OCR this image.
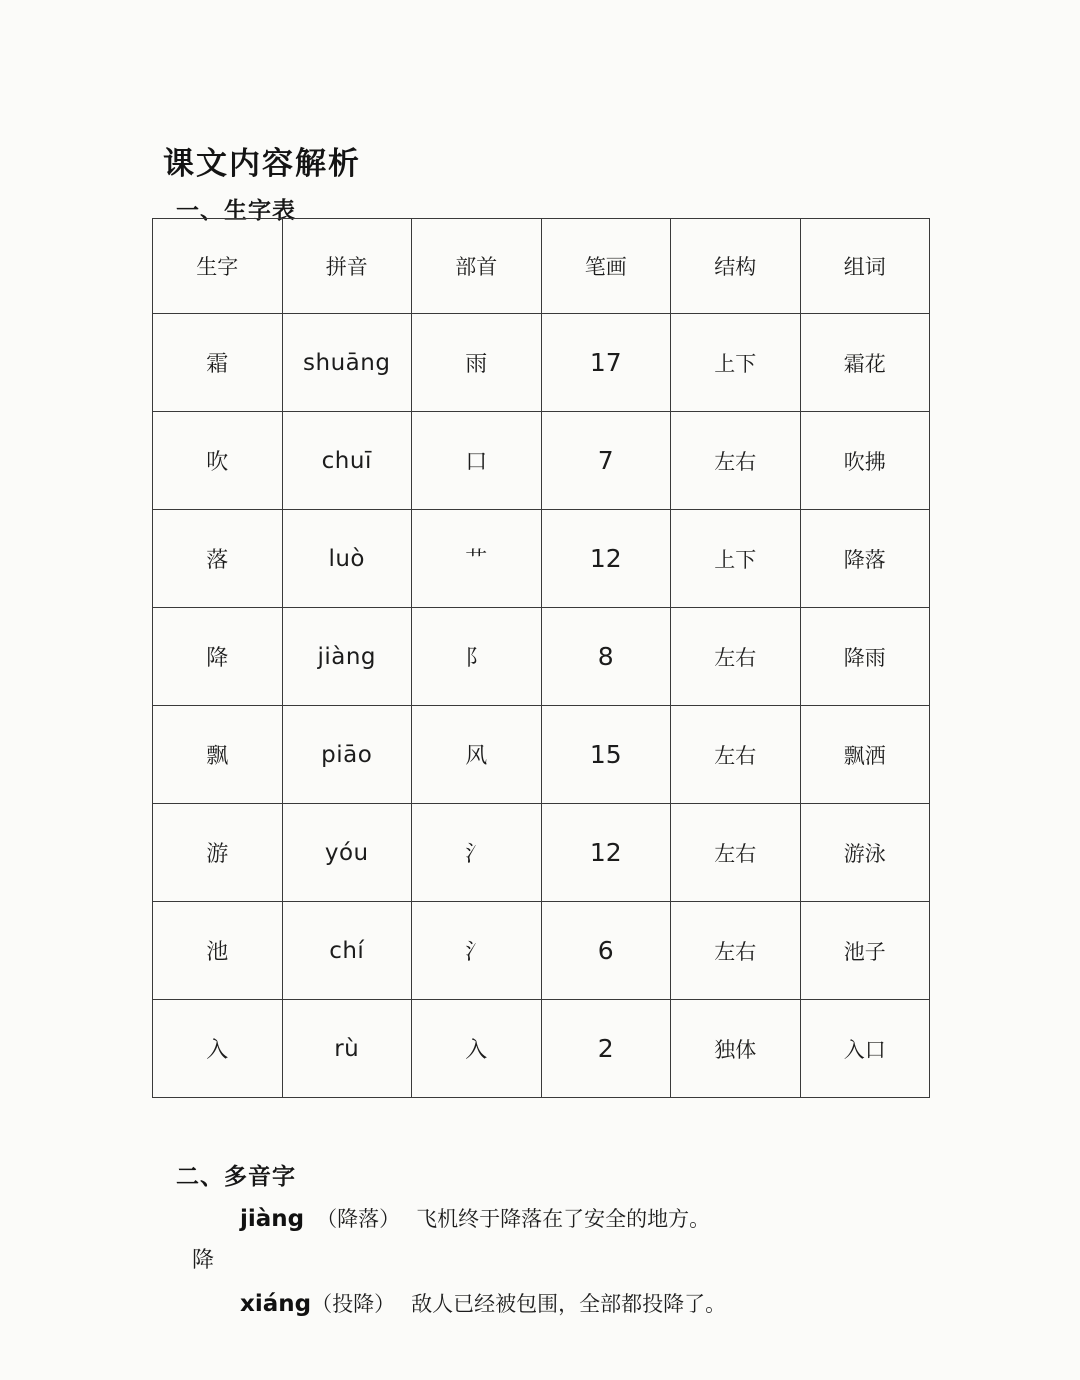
课文内容解析
一、生字表
生字	拼音	部首	笔画	结构	组词
霜	shuāng	雨	17	上下	霜花
吹	chuī	口	7	左右	吹拂
落	luò	艹	12	上下	降落
降	jiàng	阝	8	左右	降雨
飘	piāo	风	15	左右	飘洒
游	yóu	氵	12	左右	游泳
池	chí	氵	6	左右	池子
入	rù	入	2	独体	入口
二、多音字
降
jiàng （降落） 飞机终于降落在了安全的地方。
xiáng（投降） 敌人已经被包围，全部都投降了。
